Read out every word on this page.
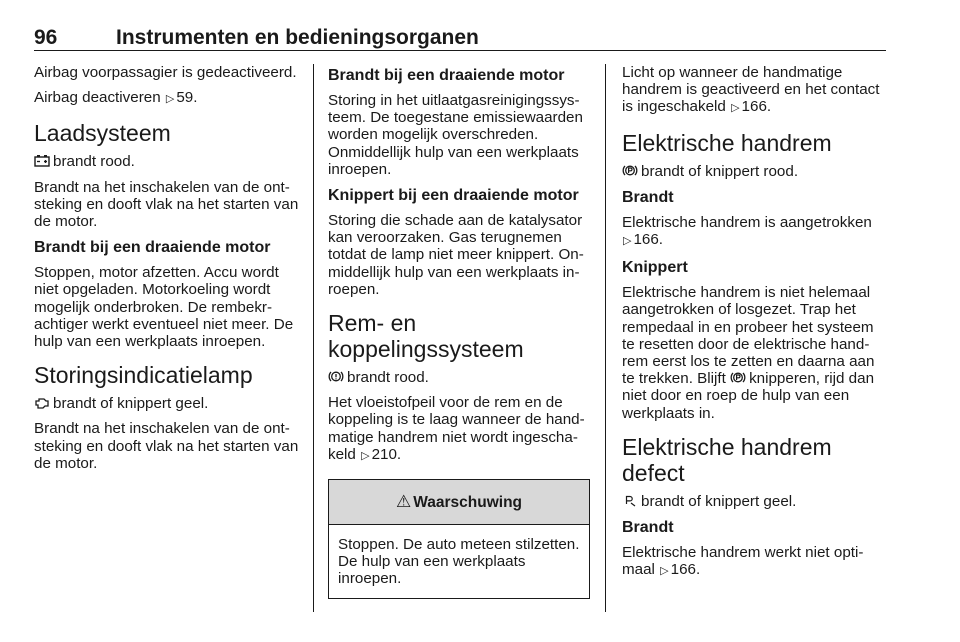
96	Instrumenten en bedieningsorganen

Airbag voorpassagier is gedeactiveerd.

Airbag deactiveren ▷ 59.

Laadsysteem

brandt rood.

Brandt na het inschakelen van de ontsteking en dooft vlak na het starten van de motor.

Brandt bij een draaiende motor

Stoppen, motor afzetten. Accu wordt niet opgeladen. Motorkoeling wordt mogelijk onderbroken. De rembekrachtiger werkt eventueel niet meer. De hulp van een werkplaats inroepen.

Storingsindicatielamp

brandt of knippert geel.

Brandt na het inschakelen van de ontsteking en dooft vlak na het starten van de motor.

Brandt bij een draaiende motor

Storing in het uitlaatgasreinigingssysteem. De toegestane emissiewaarden worden mogelijk overschreden. Onmiddellijk hulp van een werkplaats inroepen.

Knippert bij een draaiende motor

Storing die schade aan de katalysator kan veroorzaken. Gas terugnemen totdat de lamp niet meer knippert. Onmiddellijk hulp van een werkplaats inroepen.

Rem- en koppelingssysteem

brandt rood.

Het vloeistofpeil voor de rem en de koppeling is te laag wanneer de handmatige handrem niet wordt ingeschakeld ▷ 210.

⚠ Waarschuwing

Stoppen. De auto meteen stilzetten. De hulp van een werkplaats inroepen.

Licht op wanneer de handmatige handrem is geactiveerd en het contact is ingeschakeld ▷ 166.

Elektrische handrem

brandt of knippert rood.

Brandt

Elektrische handrem is aangetrokken ▷ 166.

Knippert

Elektrische handrem is niet helemaal aangetrokken of losgezet. Trap het rempedaal in en probeer het systeem te resetten door de elektrische handrem eerst los te zetten en daarna aan te trekken. Blijft knipperen, rijd dan niet door en roep de hulp van een werkplaats in.

Elektrische handrem defect

brandt of knippert geel.

Brandt

Elektrische handrem werkt niet optimaal ▷ 166.
